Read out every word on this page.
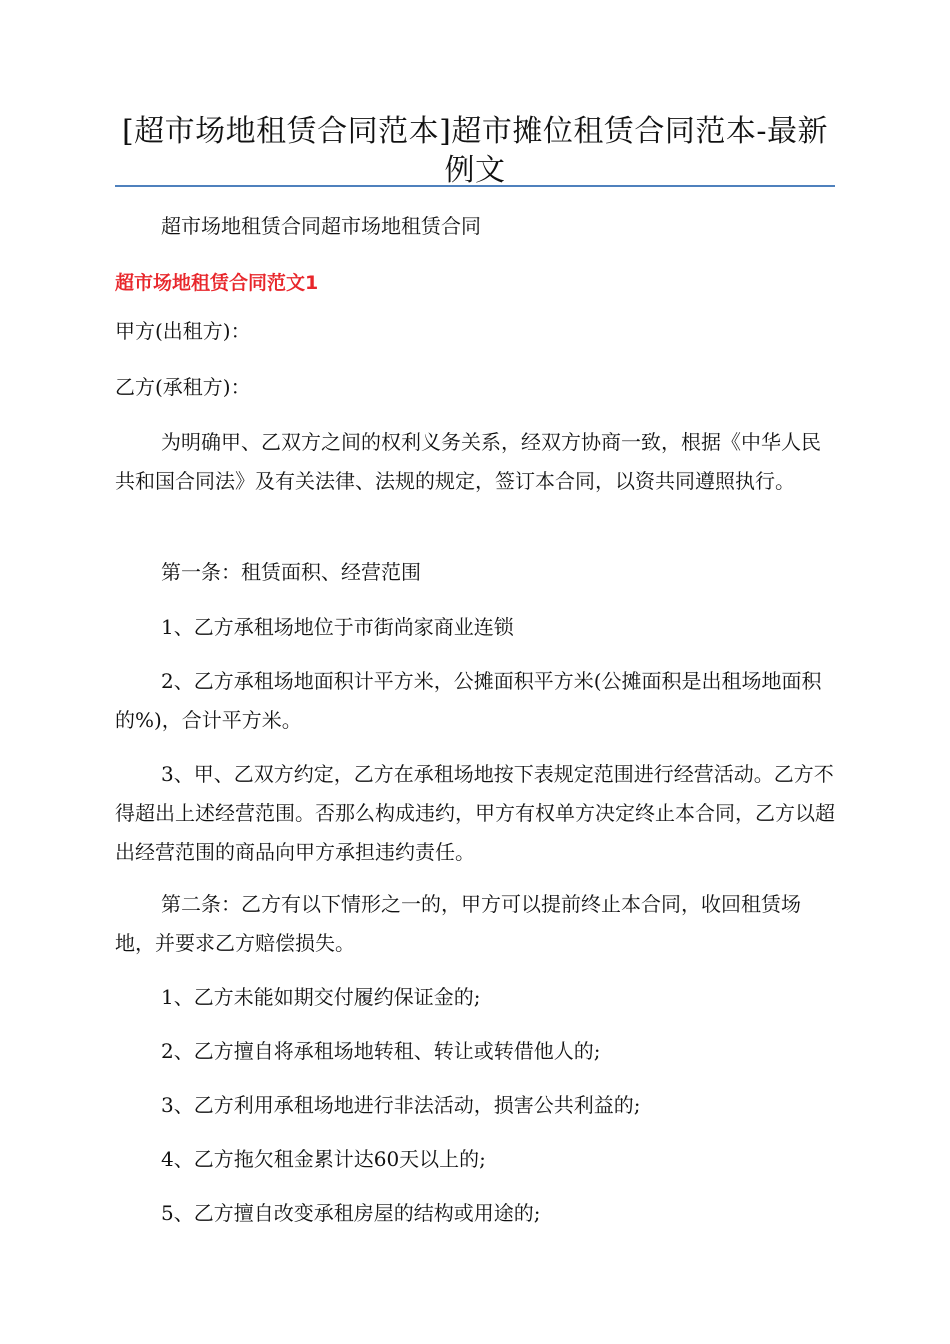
[超市场地租赁合同范本]超市摊位租赁合同范本-最新例文

超市场地租赁合同超市场地租赁合同

超市场地租赁合同范文1

甲方(出租方)：

乙方(承租方)：

为明确甲、乙双方之间的权利义务关系，经双方协商一致，根据《中华人民共和国合同法》及有关法律、法规的规定，签订本合同，以资共同遵照执行。

第一条：租赁面积、经营范围

1、乙方承租场地位于市街尚家商业连锁

2、乙方承租场地面积计平方米，公摊面积平方米(公摊面积是出租场地面积的%)，合计平方米。

3、甲、乙双方约定，乙方在承租场地按下表规定范围进行经营活动。乙方不得超出上述经营范围。否那么构成违约，甲方有权单方决定终止本合同，乙方以超出经营范围的商品向甲方承担违约责任。

第二条：乙方有以下情形之一的，甲方可以提前终止本合同，收回租赁场地，并要求乙方赔偿损失。

1、乙方未能如期交付履约保证金的;

2、乙方擅自将承租场地转租、转让或转借他人的;

3、乙方利用承租场地进行非法活动，损害公共利益的;

4、乙方拖欠租金累计达60天以上的;

5、乙方擅自改变承租房屋的结构或用途的;
